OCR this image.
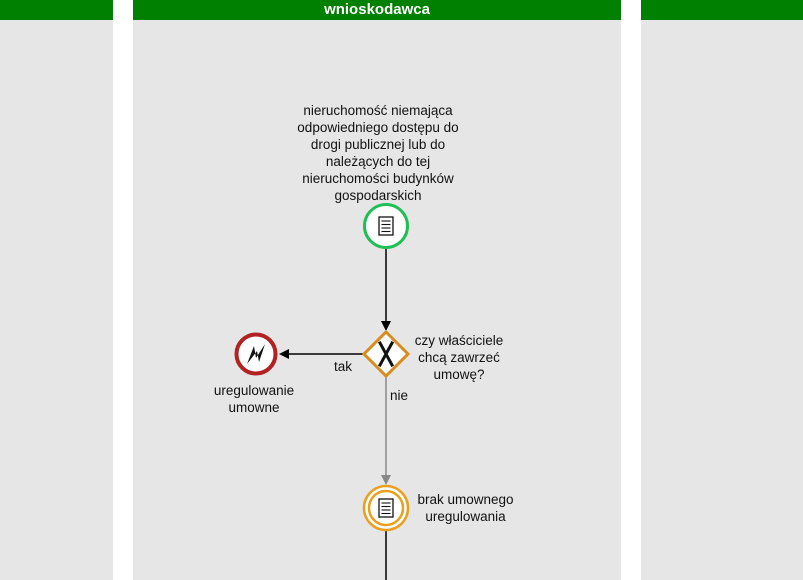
wnioskodawca
nieruchomość niemająca odpowiedniego dostępu do drogi publicznej lub do należących do tej nieruchomości budynków gospodarskich
czy właściciele chcą zawrzeć umowę?
tak
nie
uregulowanie umowne
brak umownego uregulowania
